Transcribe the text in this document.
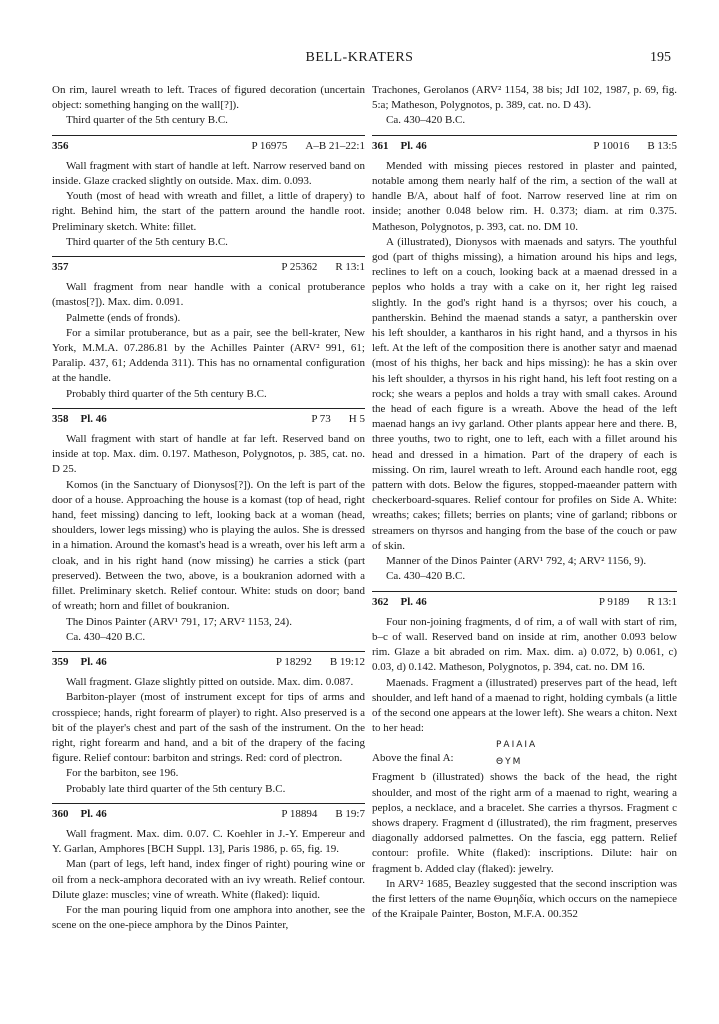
BELL-KRATERS	195

On rim, laurel wreath to left. Traces of figured decoration (uncertain object: something hanging on the wall[?]).

Third quarter of the 5th century B.C.

356	P 16975 A–B 21–22:1

Wall fragment with start of handle at left. Narrow reserved band on inside. Glaze cracked slightly on outside. Max. dim. 0.093.

Youth (most of head with wreath and fillet, a little of drapery) to right. Behind him, the start of the pattern around the handle root. Preliminary sketch. White: fillet.

Third quarter of the 5th century B.C.

357	P 25362 R 13:1

Wall fragment from near handle with a conical protuberance (mastos[?]). Max. dim. 0.091.

Palmette (ends of fronds).

For a similar protuberance, but as a pair, see the bell-krater, New York, M.M.A. 07.286.81 by the Achilles Painter (ARV² 991, 61; Paralip. 437, 61; Addenda 311). This has no ornamental configuration at the handle.

Probably third quarter of the 5th century B.C.

358 Pl. 46	P 73 H 5

Wall fragment with start of handle at far left. Reserved band on inside at top. Max. dim. 0.197. Matheson, Polygnotos, p. 385, cat. no. D 25.

Komos (in the Sanctuary of Dionysos[?]). On the left is part of the door of a house. Approaching the house is a komast (top of head, right hand, feet missing) dancing to left, looking back at a woman (head, shoulders, lower legs missing) who is playing the aulos. She is dressed in a himation. Around the komast's head is a wreath, over his left arm a cloak, and in his right hand (now missing) he carries a stick (part preserved). Between the two, above, is a boukranion adorned with a fillet. Preliminary sketch. Relief contour. White: studs on door; band of wreath; horn and fillet of boukranion.

The Dinos Painter (ARV¹ 791, 17; ARV² 1153, 24).

Ca. 430–420 B.C.

359 Pl. 46	P 18292 B 19:12

Wall fragment. Glaze slightly pitted on outside. Max. dim. 0.087.

Barbiton-player (most of instrument except for tips of arms and crosspiece; hands, right forearm of player) to right. Also preserved is a bit of the player's chest and part of the sash of the instrument. On the right, right forearm and hand, and a bit of the drapery of the facing figure. Relief contour: barbiton and strings. Red: cord of plectron.

For the barbiton, see 196.

Probably late third quarter of the 5th century B.C.

360 Pl. 46	P 18894 B 19:7

Wall fragment. Max. dim. 0.07. C. Koehler in J.-Y. Empereur and Y. Garlan, Amphores [BCH Suppl. 13], Paris 1986, p. 65, fig. 19.

Man (part of legs, left hand, index finger of right) pouring wine or oil from a neck-amphora decorated with an ivy wreath. Relief contour. Dilute glaze: muscles; vine of wreath. White (flaked): liquid.

For the man pouring liquid from one amphora into another, see the scene on the one-piece amphora by the Dinos Painter,

Trachones, Gerolanos (ARV² 1154, 38 bis; JdI 102, 1987, p. 69, fig. 5:a; Matheson, Polygnotos, p. 389, cat. no. D 43).

Ca. 430–420 B.C.

361 Pl. 46	P 10016 B 13:5

Mended with missing pieces restored in plaster and painted, notable among them nearly half of the rim, a section of the wall at handle B/A, about half of foot. Narrow reserved line at rim on inside; another 0.048 below rim. H. 0.373; diam. at rim 0.375. Matheson, Polygnotos, p. 393, cat. no. DM 10.

A (illustrated), Dionysos with maenads and satyrs. The youthful god (part of thighs missing), a himation around his hips and legs, reclines to left on a couch, looking back at a maenad dressed in a peplos who holds a tray with a cake on it, her right leg raised slightly. In the god's right hand is a thyrsos; over his couch, a pantherskin. Behind the maenad stands a satyr, a pantherskin over his left shoulder, a kantharos in his right hand, and a thyrsos in his left. At the left of the composition there is another satyr and maenad (most of his thighs, her back and hips missing): he has a skin over his left shoulder, a thyrsos in his right hand, his left foot resting on a rock; she wears a peplos and holds a tray with small cakes. Around the head of each figure is a wreath. Above the head of the left maenad hangs an ivy garland. Other plants appear here and there. B, three youths, two to right, one to left, each with a fillet around his head and dressed in a himation. Part of the drapery of each is missing. On rim, laurel wreath to left. Around each handle root, egg pattern with dots. Below the figures, stopped-maeander pattern with checkerboard-squares. Relief contour for profiles on Side A. White: wreaths; cakes; fillets; berries on plants; vine of garland; ribbons or streamers on thyrsos and hanging from the base of the couch or paw of skin.

Manner of the Dinos Painter (ARV¹ 792, 4; ARV² 1156, 9).

Ca. 430–420 B.C.

362 Pl. 46	P 9189 R 13:1

Four non-joining fragments, d of rim, a of wall with start of rim, b–c of wall. Reserved band on inside at rim, another 0.093 below rim. Glaze a bit abraded on rim. Max. dim. a) 0.072, b) 0.061, c) 0.03, d) 0.142. Matheson, Polygnotos, p. 394, cat. no. DM 16.

Maenads. Fragment a (illustrated) preserves part of the head, left shoulder, and left hand of a maenad to right, holding cymbals (a little of the second one appears at the lower left). She wears a chiton. Next to her head:

ΡΑΙΑΙΑ
Above the final A:	ΘΥΜ

Fragment b (illustrated) shows the back of the head, the right shoulder, and most of the right arm of a maenad to right, wearing a peplos, a necklace, and a bracelet. She carries a thyrsos. Fragment c shows drapery. Fragment d (illustrated), the rim fragment, preserves diagonally addorsed palmettes. On the fascia, egg pattern. Relief contour: profile. White (flaked): inscriptions. Dilute: hair on fragment b. Added clay (flaked): jewelry.

In ARV² 1685, Beazley suggested that the second inscription was the first letters of the name Θυμηδία, which occurs on the namepiece of the Kraipale Painter, Boston, M.F.A. 00.352
